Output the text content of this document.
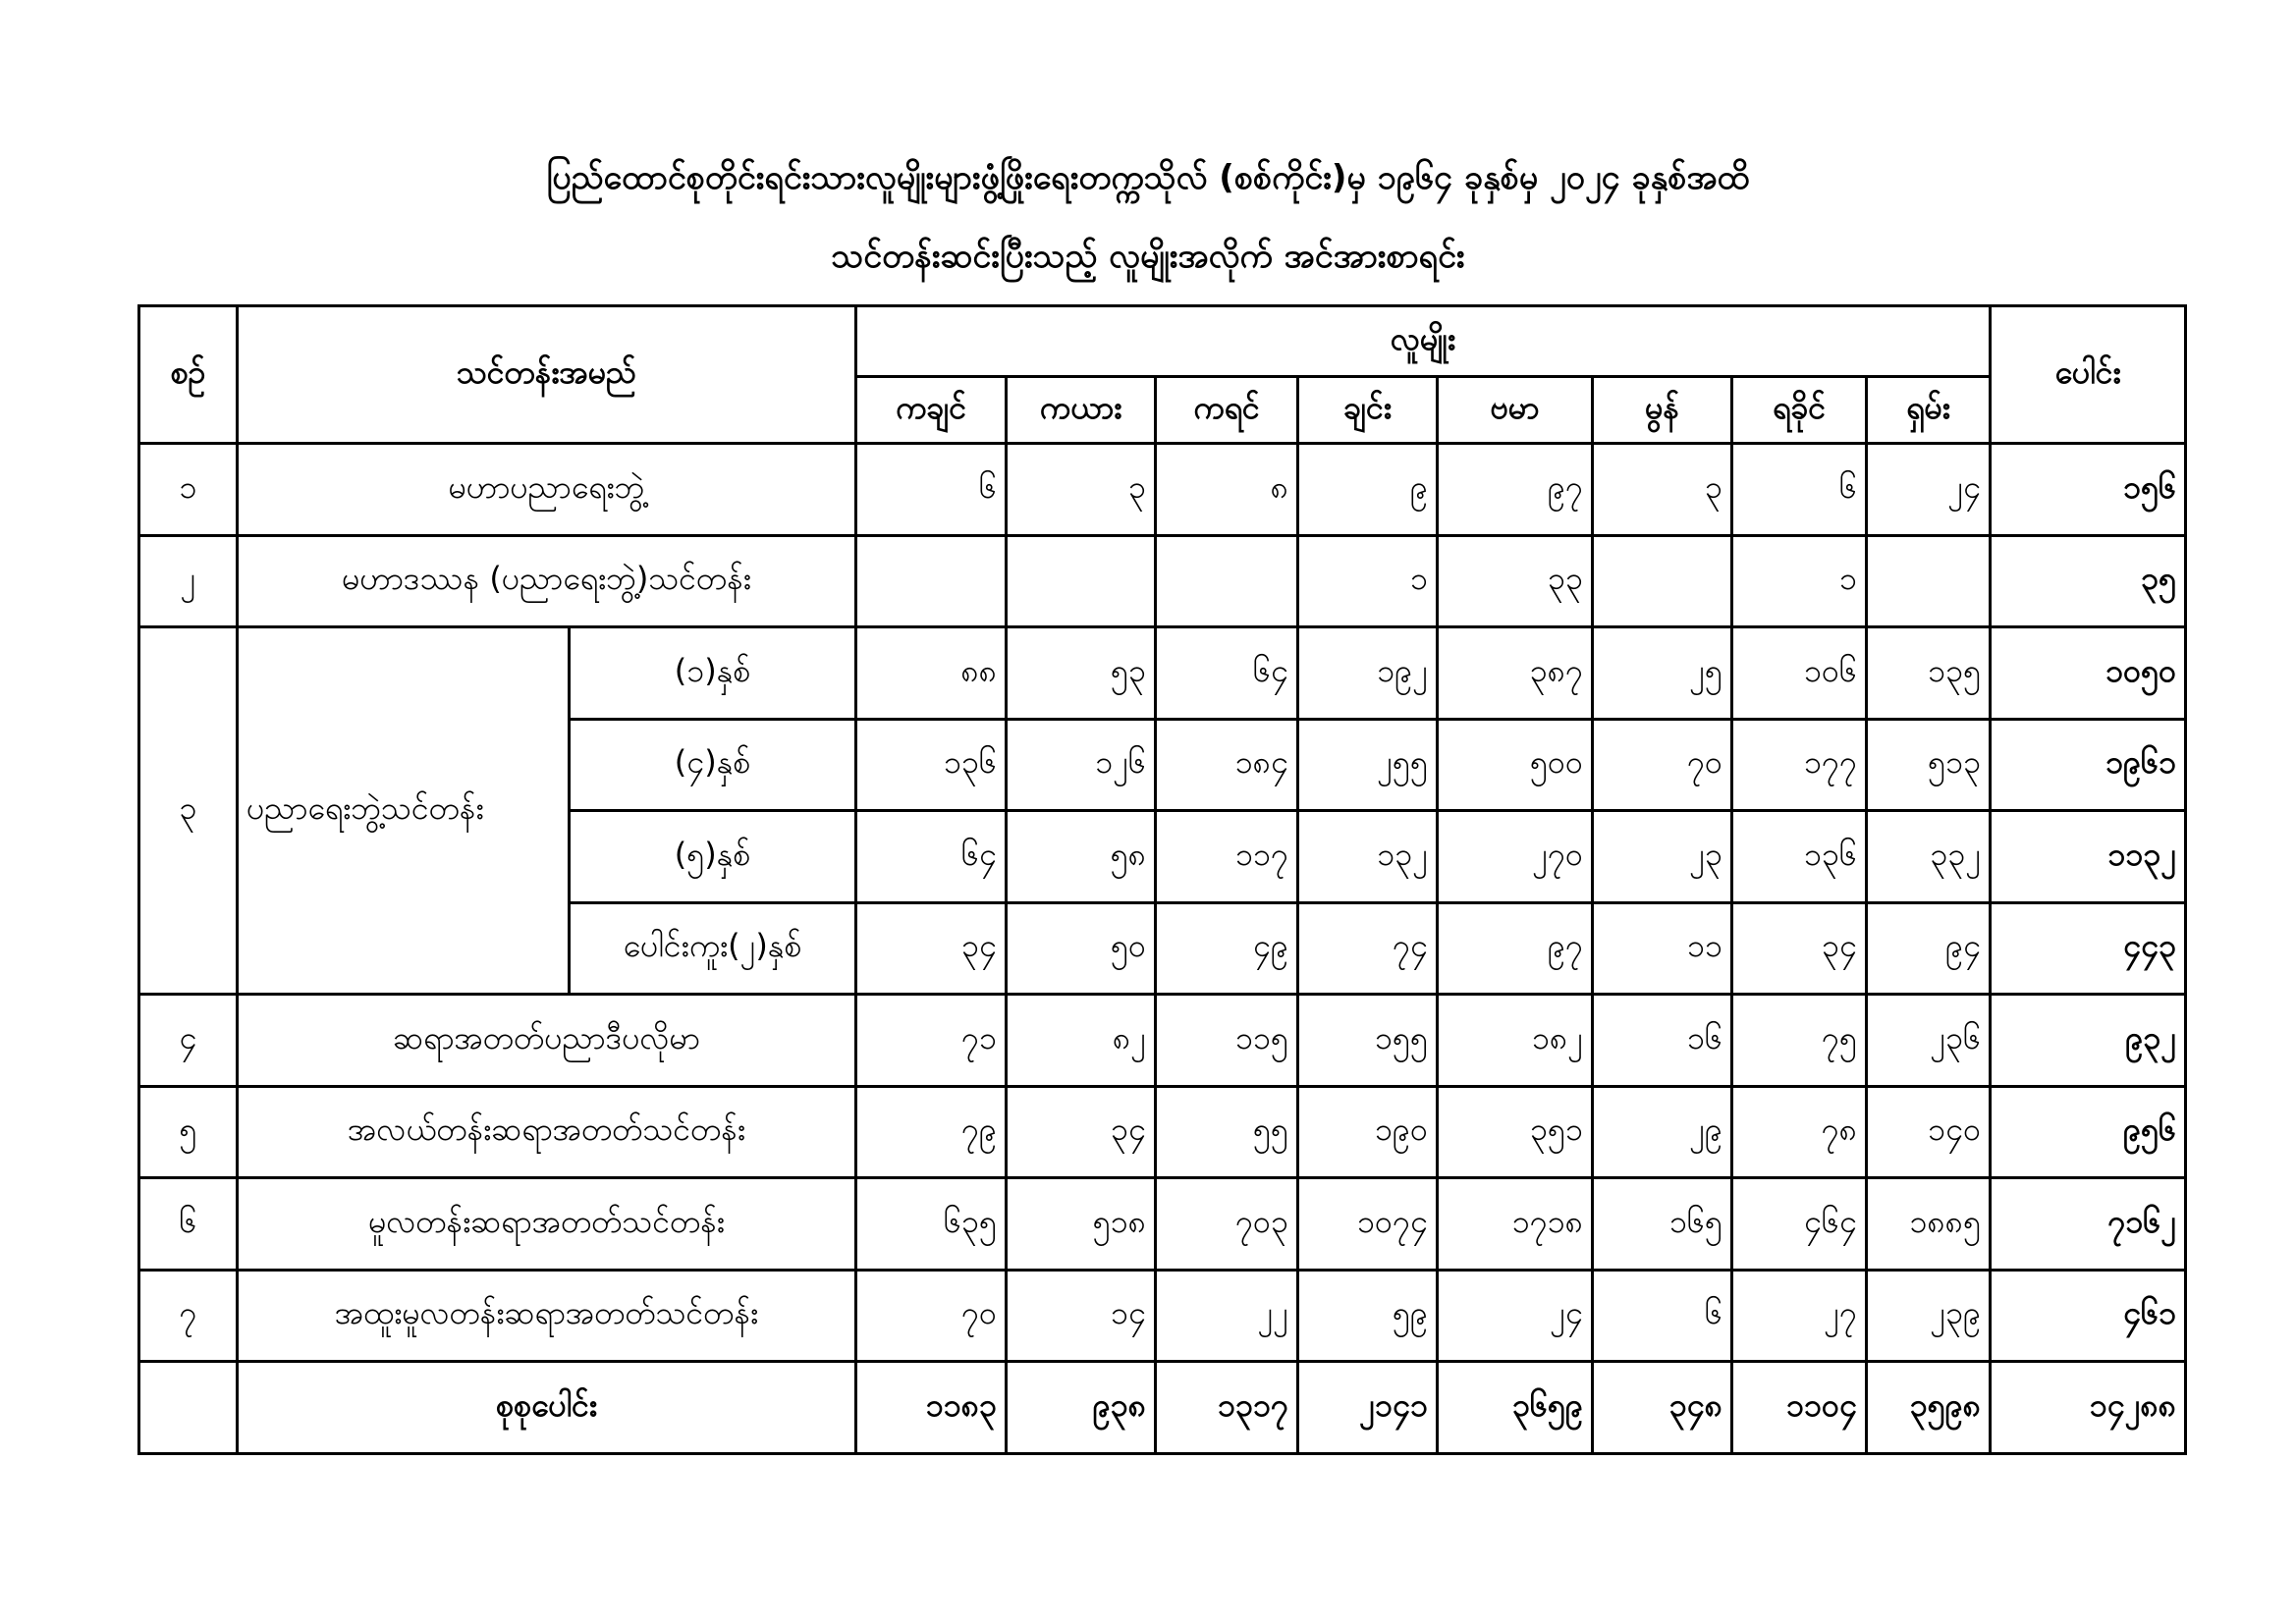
ပြည်ထောင်စုတိုင်းရင်းသားလူမျိုးများဖွံ့ဖြိုးရေးတက္ကသိုလ် (စစ်ကိုင်း)မှ ၁၉၆၄ ခုနှစ်မှ ၂၀၂၄ ခုနှစ်အထိ
သင်တန်းဆင်းပြီးသည့် လူမျိုးအလိုက် အင်အားစာရင်း
စဉ်	သင်တန်းအမည်		လူမျိုး								ပေါင်း
			ကချင်	ကယား	ကရင်	ချင်း	ဗမာ	မွန်	ရခိုင်	ရှမ်း	
၁	မဟာပညာရေးဘွဲ့		၆	၃	၈	၉	၉၇	၃	၆	၂၄	၁၅၆
၂	မဟာဒဿန (ပညာရေးဘွဲ့)သင်တန်း					၁	၃၃		၁		၃၅
၃	ပညာရေးဘွဲ့သင်တန်း	(၁)နှစ်	၈၈	၅၃	၆၄	၁၉၂	၃၈၇	၂၅	၁၀၆	၁၃၅	၁၀၅၀
		(၄)နှစ်	၁၃၆	၁၂၆	၁၈၄	၂၅၅	၅၀၀	၇၀	၁၇၇	၅၁၃	၁၉၆၁
		(၅)နှစ်	၆၄	၅၈	၁၁၇	၁၃၂	၂၇၀	၂၃	၁၃၆	၃၃၂	၁၁၃၂
		ပေါင်းကူး(၂)နှစ်	၃၄	၅၀	၄၉	၇၄	၉၇	၁၁	၃၄	၉၄	၄၄၃
၄	ဆရာအတတ်ပညာဒီပလိုမာ		၇၁	၈၂	၁၁၅	၁၅၅	၁၈၂	၁၆	၇၅	၂၃၆	၉၃၂
၅	အလယ်တန်းဆရာအတတ်သင်တန်း		၇၉	၃၄	၅၅	၁၉၀	၃၅၁	၂၉	၇၈	၁၄၀	၉၅၆
၆	မူလတန်းဆရာအတတ်သင်တန်း		၆၃၅	၅၁၈	၇၀၃	၁၀၇၄	၁၇၁၈	၁၆၅	၄၆၄	၁၈၈၅	၇၁၆၂
၇	အထူးမူလတန်းဆရာအတတ်သင်တန်း		၇၀	၁၄	၂၂	၅၉	၂၄	၆	၂၇	၂၃၉	၄၆၁
	စုစုပေါင်း		၁၁၈၃	၉၃၈	၁၃၁၇	၂၁၄၁	၃၆၅၉	၃၄၈	၁၁၀၄	၃၅၉၈	၁၄၂၈၈
